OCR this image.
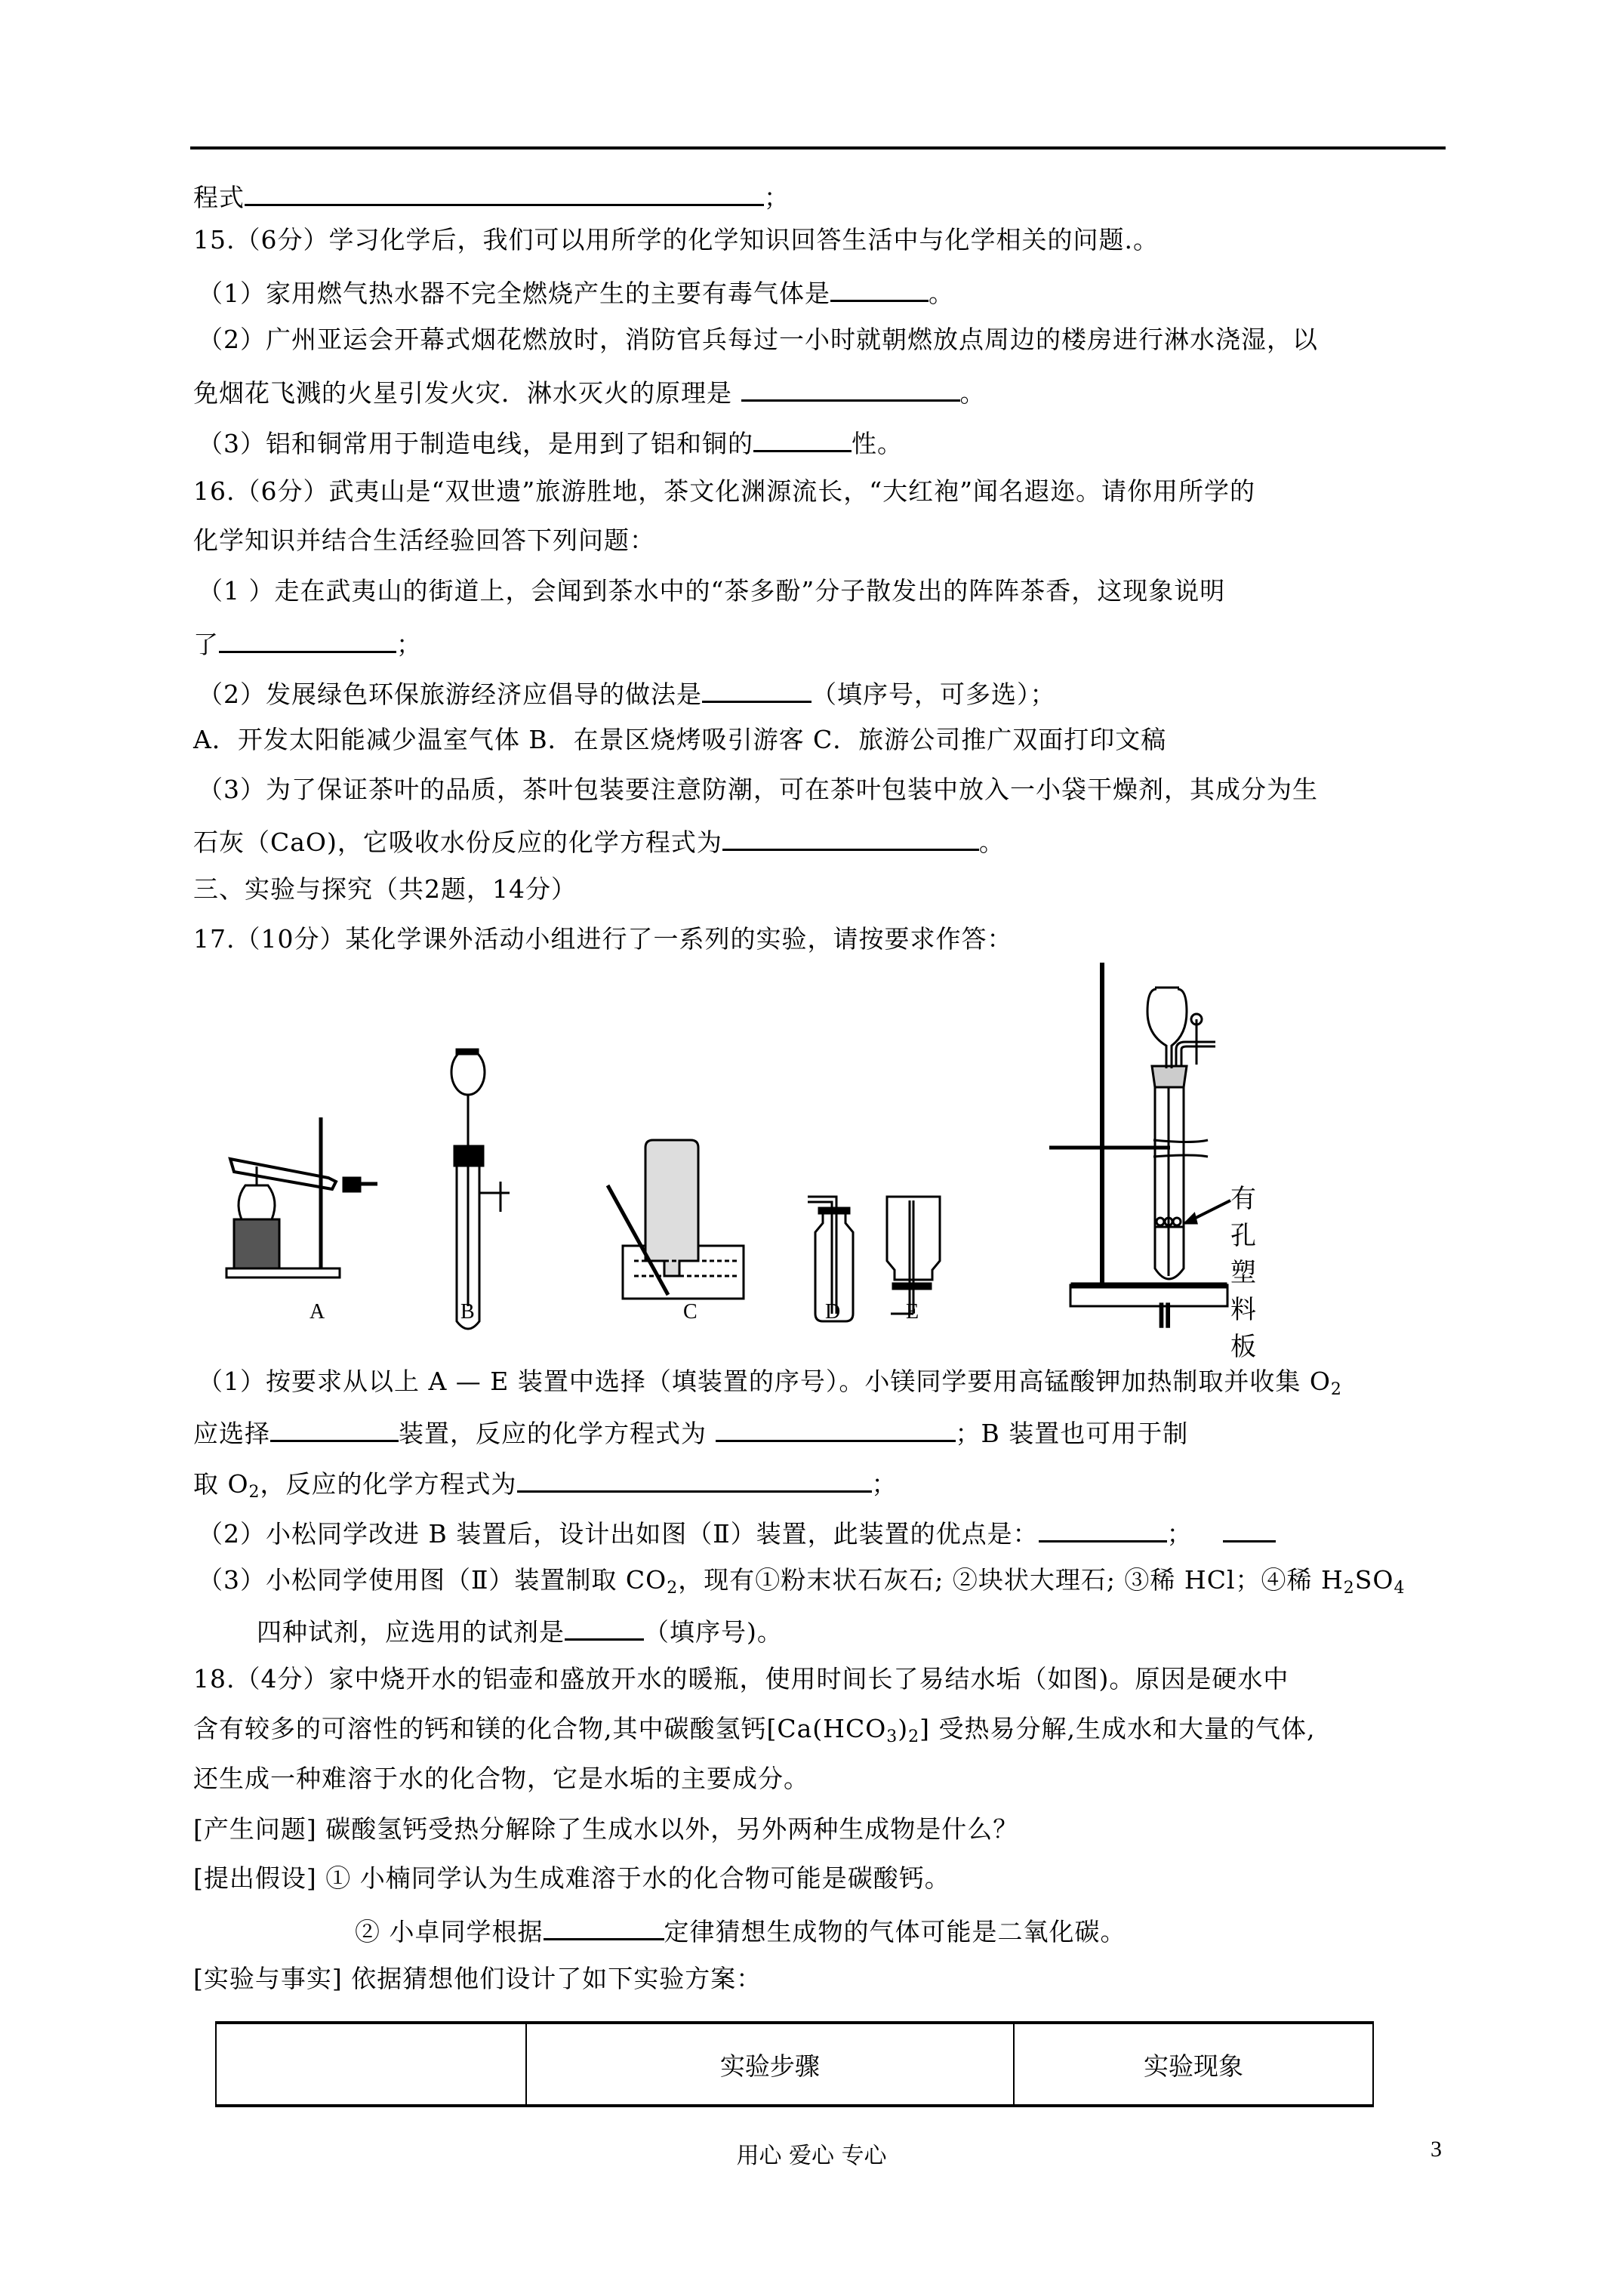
程式	；
15.（6分）学习化学后，我们可以用所学的化学知识回答生活中与化学相关的问题.。
（1）家用燃气热水器不完全燃烧产生的主要有毒气体是	。
（2）广州亚运会开幕式烟花燃放时，消防官兵每过一小时就朝燃放点周边的楼房进行淋水浇湿，以
免烟花飞溅的火星引发火灾．淋水灭火的原理是	。
（3）铝和铜常用于制造电线，是用到了铝和铜的	性。
16.（6分）武夷山是“双世遗”旅游胜地，茶文化渊源流长，“大红袍”闻名遐迩。请你用所学的
化学知识并结合生活经验回答下列问题：
（1 ）走在武夷山的街道上，会闻到茶水中的“茶多酚”分子散发出的阵阵茶香，这现象说明
了	；
（2）发展绿色环保旅游经济应倡导的做法是	（填序号，可多选）；
A．开发太阳能减少温室气体 B．在景区烧烤吸引游客 C．旅游公司推广双面打印文稿
（3）为了保证茶叶的品质，茶叶包装要注意防潮，可在茶叶包装中放入一小袋干燥剂，其成分为生
石灰（CaO)，它吸收水份反应的化学方程式为	。
三、实验与探究（共2题，14分）
17.（10分）某化学课外活动小组进行了一系列的实验，请按要求作答：
A	B	C	D	E	Ⅱ
有孔塑料板
（1）按要求从以上 A — E 装置中选择（填装置的序号）。小镁同学要用高锰酸钾加热制取并收集 $O_2$
应选择	装置，反应的化学方程式为	；B 装置也可用于制
取 $O_2$，反应的化学方程式为	；
（2）小松同学改进 B 装置后，设计出如图（Ⅱ）装置，此装置的优点是：	；
（3）小松同学使用图（Ⅱ）装置制取 $CO_2$，现有①粉末状石灰石; ②块状大理石; ③稀 HCl；④稀 $H_2SO_4$
四种试剂，应选用的试剂是	（填序号)。
18.（4分）家中烧开水的铝壶和盛放开水的暖瓶，使用时间长了易结水垢（如图)。原因是硬水中
含有较多的可溶性的钙和镁的化合物,其中碳酸氢钙$[Ca(HCO_3)_2]$ 受热易分解,生成水和大量的气体,
还生成一种难溶于水的化合物，它是水垢的主要成分。
[产生问题] 碳酸氢钙受热分解除了生成水以外，另外两种生成物是什么？
[提出假设] ① 小楠同学认为生成难溶于水的化合物可能是碳酸钙。
② 小卓同学根据	定律猜想生成物的气体可能是二氧化碳。
[实验与事实] 依据猜想他们设计了如下实验方案：
	实验步骤	实验现象
用心 爱心 专心	3
